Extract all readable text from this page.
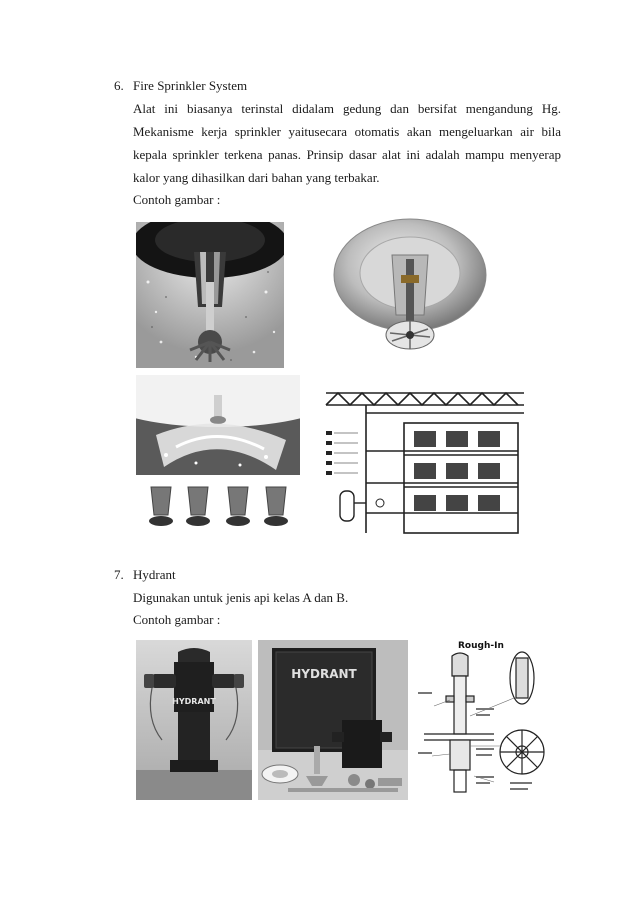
6. Fire Sprinkler System
Alat ini biasanya terinstal didalam gedung dan bersifat mengandung Hg.
Mekanisme kerja sprinkler yaitusecara otomatis akan mengeluarkan air bila
kepala sprinkler terkena panas. Prinsip dasar alat ini adalah mampu menyerap
kalor yang dihasilkan dari bahan yang terbakar.
Contoh gambar :
7. Hydrant
Digunakan untuk jenis api kelas A dan B.
Contoh gambar :
HYDRANT
HYDRANT
Rough-In
